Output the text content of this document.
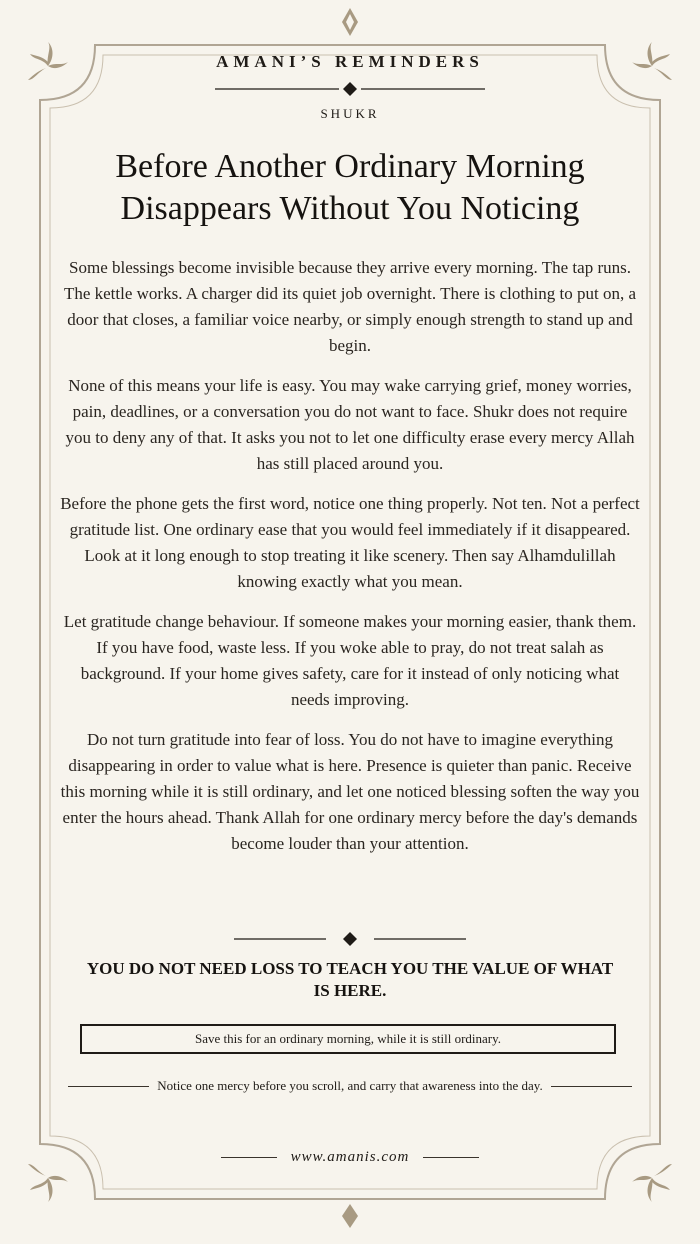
AMANI’S REMINDERS
SHUKR
Before Another Ordinary Morning Disappears Without You Noticing

Some blessings become invisible because they arrive every morning. The tap runs. The kettle works. A charger did its quiet job overnight. There is clothing to put on, a door that closes, a familiar voice nearby, or simply enough strength to stand up and begin.

None of this means your life is easy. You may wake carrying grief, money worries, pain, deadlines, or a conversation you do not want to face. Shukr does not require you to deny any of that. It asks you not to let one difficulty erase every mercy Allah has still placed around you.

Before the phone gets the first word, notice one thing properly. Not ten. Not a perfect gratitude list. One ordinary ease that you would feel immediately if it disappeared. Look at it long enough to stop treating it like scenery. Then say Alhamdulillah knowing exactly what you mean.

Let gratitude change behaviour. If someone makes your morning easier, thank them. If you have food, waste less. If you woke able to pray, do not treat salah as background. If your home gives safety, care for it instead of only noticing what needs improving.

Do not turn gratitude into fear of loss. You do not have to imagine everything disappearing in order to value what is here. Presence is quieter than panic. Receive this morning while it is still ordinary, and let one noticed blessing soften the way you enter the hours ahead. Thank Allah for one ordinary mercy before the day's demands become louder than your attention.

YOU DO NOT NEED LOSS TO TEACH YOU THE VALUE OF WHAT IS HERE.

Save this for an ordinary morning, while it is still ordinary.
Notice one mercy before you scroll, and carry that awareness into the day.
www.amanis.com
